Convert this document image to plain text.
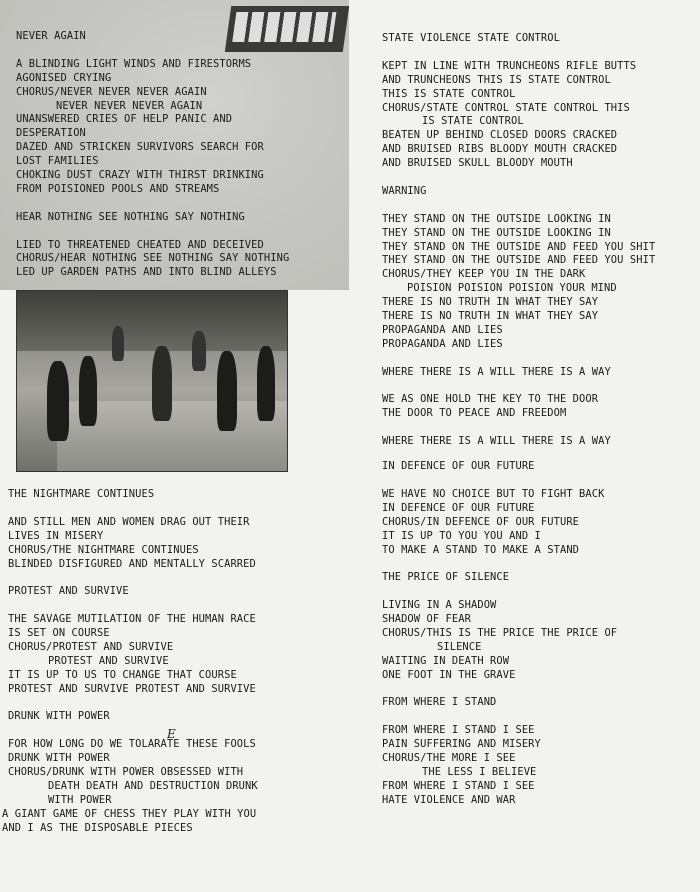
NEVER AGAIN
A BLINDING LIGHT WINDS AND FIRESTORMS
AGONISED CRYING
CHORUS/NEVER NEVER NEVER AGAIN
NEVER NEVER NEVER AGAIN
UNANSWERED CRIES OF HELP PANIC AND
DESPERATION
DAZED AND STRICKEN SURVIVORS SEARCH FOR
LOST FAMILIES
CHOKING DUST CRAZY WITH THIRST DRINKING
FROM POISIONED POOLS AND STREAMS
HEAR NOTHING SEE NOTHING SAY NOTHING
LIED TO THREATENED CHEATED AND DECEIVED
CHORUS/HEAR NOTHING SEE NOTHING SAY NOTHING
LED UP GARDEN PATHS AND INTO BLIND ALLEYS
THE NIGHTMARE CONTINUES
AND STILL MEN AND WOMEN DRAG OUT THEIR
LIVES IN MISERY
CHORUS/THE NIGHTMARE CONTINUES
BLINDED DISFIGURED AND MENTALLY SCARRED
PROTEST AND SURVIVE
THE SAVAGE MUTILATION OF THE HUMAN RACE
IS SET ON COURSE
CHORUS/PROTEST AND SURVIVE
PROTEST AND SURVIVE
IT IS UP TO US TO CHANGE THAT COURSE
PROTEST AND SURVIVE PROTEST AND SURVIVE
DRUNK WITH POWER
FOR HOW LONG DO WE TOLARATE THESE FOOLS
DRUNK WITH POWER
CHORUS/DRUNK WITH POWER OBSESSED WITH
DEATH DEATH AND DESTRUCTION DRUNK
WITH POWER
A GIANT GAME OF CHESS THEY PLAY WITH YOU
AND I AS THE DISPOSABLE PIECES
STATE VIOLENCE STATE CONTROL
KEPT IN LINE WITH TRUNCHEONS RIFLE BUTTS
AND TRUNCHEONS THIS IS STATE CONTROL
THIS IS STATE CONTROL
CHORUS/STATE CONTROL STATE CONTROL THIS
IS STATE CONTROL
BEATEN UP BEHIND CLOSED DOORS CRACKED
AND BRUISED RIBS BLOODY MOUTH CRACKED
AND BRUISED SKULL BLOODY MOUTH
WARNING
THEY STAND ON THE OUTSIDE LOOKING IN
THEY STAND ON THE OUTSIDE LOOKING IN
THEY STAND ON THE OUTSIDE AND FEED YOU SHIT
THEY STAND ON THE OUTSIDE AND FEED YOU SHIT
CHORUS/THEY KEEP YOU IN THE DARK
POISION POISION POISION YOUR MIND
THERE IS NO TRUTH IN WHAT THEY SAY
THERE IS NO TRUTH IN WHAT THEY SAY
PROPAGANDA AND LIES
PROPAGANDA AND LIES
WHERE THERE IS A WILL THERE IS A WAY
WE AS ONE HOLD THE KEY TO THE DOOR
THE DOOR TO PEACE AND FREEDOM
WHERE THERE IS A WILL THERE IS A WAY
IN DEFENCE OF OUR FUTURE
WE HAVE NO CHOICE BUT TO FIGHT BACK
IN DEFENCE OF OUR FUTURE
CHORUS/IN DEFENCE OF OUR FUTURE
IT IS UP TO YOU YOU AND I
TO MAKE A STAND TO MAKE A STAND
THE PRICE OF SILENCE
LIVING IN A SHADOW
SHADOW OF FEAR
CHORUS/THIS IS THE PRICE THE PRICE OF
SILENCE
WAITING IN DEATH ROW
ONE FOOT IN THE GRAVE
FROM WHERE I STAND
FROM WHERE I STAND I SEE
PAIN SUFFERING AND MISERY
CHORUS/THE MORE I SEE
THE LESS I BELIEVE
FROM WHERE I STAND I SEE
HATE VIOLENCE AND WAR
E
